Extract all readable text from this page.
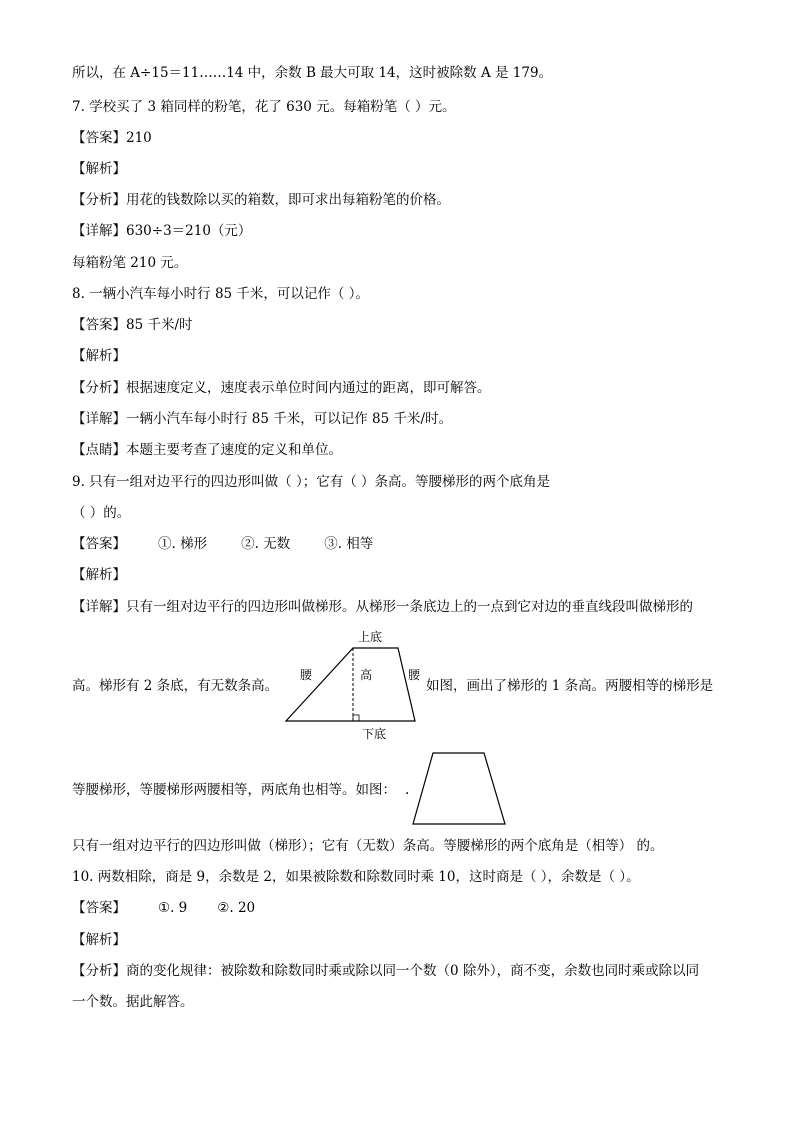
所以，在 A÷15＝11……14 中，余数 B 最大可取 14，这时被除数 A 是 179。
7. 学校买了 3 箱同样的粉笔，花了 630 元。每箱粉笔（ ）元。
【答案】210
【解析】
【分析】用花的钱数除以买的箱数，即可求出每箱粉笔的价格。
【详解】630÷3＝210（元）
每箱粉笔 210 元。
8. 一辆小汽车每小时行 85 千米，可以记作（ ）。
【答案】85 千米/时
【解析】
【分析】根据速度定义，速度表示单位时间内通过的距离，即可解答。
【详解】一辆小汽车每小时行 85 千米，可以记作 85 千米/时。
【点睛】本题主要考查了速度的定义和单位。
9. 只有一组对边平行的四边形叫做（ ）；它有（ ）条高。等腰梯形的两个底角是
（ ）的。
【答案】 ①. 梯形	②. 无数	③. 相等
【解析】
【详解】只有一组对边平行的四边形叫做梯形。从梯形一条底边上的一点到它对边的垂直线段叫做梯形的
高。梯形有 2 条底，有无数条高。	如图，画出了梯形的 1 条高。两腰相等的梯形是
上底
腰	高	腰
下底
等腰梯形，等腰梯形两腰相等，两底角也相等。如图： .
只有一组对边平行的四边形叫做（梯形）；它有（无数）条高。等腰梯形的两个底角是（相等） 的。
10. 两数相除，商是 9，余数是 2，如果被除数和除数同时乘 10，这时商是（ ），余数是（ ）。
【答案】 ①. 9 ②. 20
【解析】
【分析】商的变化规律：被除数和除数同时乘或除以同一个数（0 除外），商不变，余数也同时乘或除以同
一个数。据此解答。
